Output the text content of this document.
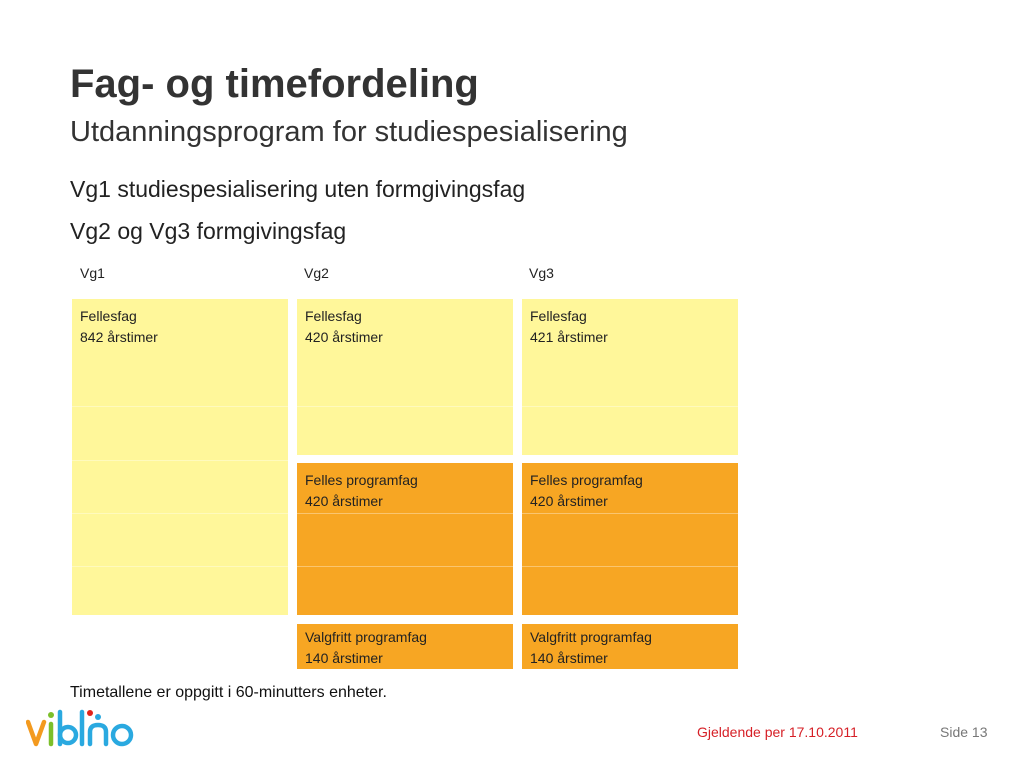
Fag- og timefordeling
Utdanningsprogram for studiespesialisering
Vg1 studiespesialisering uten formgivingsfag
Vg2 og Vg3 formgivingsfag
Vg1	Vg2	Vg3
Fellesfag
842 årstimer
Fellesfag
420 årstimer
Felles programfag
420 årstimer
Valgfritt programfag
140 årstimer
Fellesfag
421 årstimer
Felles programfag
420 årstimer
Valgfritt programfag
140 årstimer
Timetallene er oppgitt i 60-minutters enheter.
Gjeldende per 17.10.2011	Side 13
